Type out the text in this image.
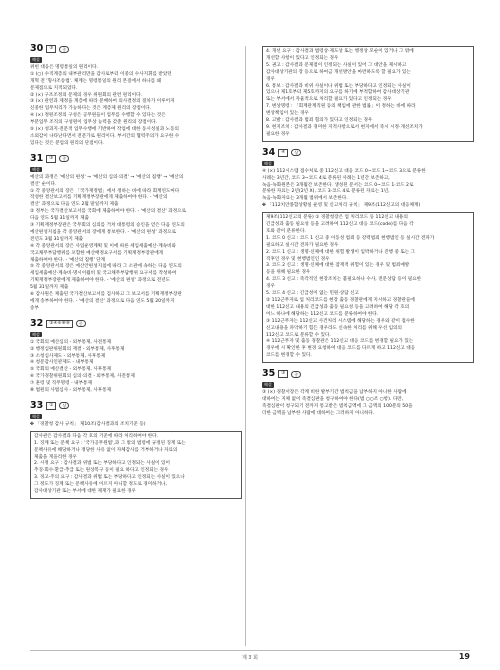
30	③	중
해설
위헌 대응은 명령통일의 원리이다.
① (○) 수직계층의 내부관리만을 감사로부터 이중의 수사지휘를 받았던
개혁 전 '형사조송법'. 체계는 명령통일의 원리 본질에서 하나를 왜
문제점으로 지적되었다.
② (×) 구조조정의 문제의 경우 위원회의 관련 원리이다.
③ (×) 관련과 제정을 계층에 따라 분배하여 의사결정의 절차가 이루어져
신중한 업무처리가 가능하다는 것은 계층제 원리의 장점이다.
④ (×) 정원조정의 구성은 공무원들이 업무를 수행할 수 있다는 것은
부분업무 조직의 구성원이 업무상 능력을 갖춘 원리의 장점이다.
⑤ (×) 성과지·전문적 업무수행에 기반하여 작업에 대한 동시성실과 노동의
소외감이 나타난다면서 전문가로 원리이다. 부서간의 협력주의가 요구한 수
있다는 것은 분업의 원리의 단점이다.
31	③	중
해설
예산의 과정은 '예산의 편성' → '예산의 심의·의결' → '예산의 집행' → '예산의
결산' 순이다.
① 각 중앙관서의 장은 「국가재정법」에서 정하는 바에 따라 회계연도마다
작성한 결산보고서를 기획재정부장관에게 제출하여야 한다. - '예산의
결산' 과정으로 다음 연도 2월 말일까지 제출
② 정부는 국가결산보고서를 국회에 제출하여야 한다. - '예산의 결산' 과정으로
다음 연도 5월 31일까지 제출
③ 기획재정부장관은 국무회의 심의를 거쳐 대통령의 승인을 얻은 다음 연도의
예산편성지침을 각 중앙관서의 장에게 통보한다. - '예산의 편성' 과정으로
전년도 3월 31일까지 제출
④ 각 중앙관서의 장은 사업운영계획 및 이에 따른 세입세출예산·계속비와
국고채무부담행위를 포함한 예산배정요구서를 기획재정부장관에게
제출하여야 한다. - '예산의 집행' 단계
⑤ 각 중앙관서의 장은 예산안편성지침에 따라 그 소관에 속하는 다음 연도의
세입세출예산·계속비·명시이월비 및 국고채무부담행위 요구서를 작성하여
기획재정부장관에게 제출하여야 한다. - '예산의 편성' 과정으로 전년도
5월 31일까지 제출
⑥ 감사원은 제출된 국가결산보고서를 검사하고 그 보고서를 기획재정부장관
에게 송부하여야 한다. - '예산의 결산' 과정으로 다음 연도 5월 20일까지
송부
32	②④⑥⑧⑨	중
해설
① 국회의 예산심의 - 외부통제, 사전통제
② 행정심판위원회의 재결 - 외부통제, 사후통제
③ 소청심사제도 - 외부통제, 사후통제
④ 청문감사인관제도 - 내부통제
⑤ 국회의 예산결산 - 외부통제, 사후통제
⑥ 국가경찰위원회의 심의·의결 - 외부통제, 사전통제
⑦ 훈령 및 직무명령 - 내부통제
⑧ 법원의 사법심사 - 외부통제, 사후통제
33	①	상
해설
✤ 「경찰청 감사 규칙」 제10조(감사결과의 조치기준 등)
감사관은 감사결과 다음 각 호의 기준에 따라 처리하여야 한다.
1. 징계 또는 문책 요구 : '국가공무원법',과 그 밖의 법령에 규정된 징계 또는
문책사유에 해당하거나 정당한 사유 없이 자체감사를 거부하거나 자료의
제출을 게을리한 경우
2. 시정 요구 : 감사결과 위법 또는 부당하다고 인정되는 사실이 있어
추징·회수·환급·추급 또는 원상복구 등이 필요 하다고 인정되는 경우
3. 경고·주의 요구 : 감사결과 위법 또는 부당하다고 인정되는 사실이 있으나
그 정도가 징계 또는 문책사유에 이르지 아니할 정도로 경미하거나,
감사대상기관 또는 부서에 대한 제재가 필요한 경우
4. 개선 요구 : 감사결과 법령상·제도상 또는 행정상 모순이 있거나 그 밖에
개선할 사항이 있다고 인정되는 경우
5. 권고 : 감사결과 문제점이 인정되는 사실이 있어 그 대안을 제시하고
감사대상기관의 장 등으로 하여금 개선방안을 마련하도록 할 필요가 있는
경우
6. 통보 : 감사결과 비위 사실이나 위법 또는 부당하다고 인정되는 사실이
있으나 제1호부터 제5호까지의 요구를 하기에 부적합하여 감사대상기관
또는 부서에서 자율적으로 처리할 필요가 있다고 인정되는 경우
7. 변상명령 : 「회계관계직원 등의 책임에 관한 법률」이 정하는 바에 따라
변상책임이 있는 경우
8. 고발 : 감사결과 범죄 혐의가 있다고 인정되는 경우
9. 현지조치 : 감사결과 경미한 지적사항으로서 현지에서 즉시 시정·개선조치가
필요한 경우
34	④	상
해설
④ (×) 112시스템 접수처로 중 112신고 대응 코드 0~코드 1~코드 3으로 분류한
사례는 3년간, 코드 3~코드 4로 분류된 사례는 1년간 보존하고,
녹음·녹화원본은 3개월간 보존한다. 생성된 문서는 코드 0~코드 1·코드 2로
분류한 자료는 2년(2년 X), 코드 3·코드 4로 분류된 자료는 1년,
녹음·녹화자료는 3개월 범위에서 보존한다.
✤ 「112치안종합상황실 운영 및 신고처리 규칙」 제9조(112신고의 대응체계)
제9조(112신고의 분류) ① 경찰청장은 업 처리코드 등 112신고 내용의
긴급성과 출동 필요성 등을 고려하여 112신고 대응 코드(code)를 다음 각
호와 같이 분류한다.
1. 코드 0 신고 : 코드 1 신고 중 이동성 범죄 등 강력범죄 현행범인 등 실시간 전파가
필요하고 실시간 전파가 필요한 경우
2. 코드 1 신고 : 생명·신체에 대한 위험 발생이 임박하거나 진행 중 또는 그
직후인 경우 및 현행범인인 경우
3. 코드 2 신고 : 생명·신체에 대한 잠재적 위험이 있는 경우 및 범죄예방
등을 위해 필요한 경우
4. 코드 3 신고 : 즉각적인 현장조치는 불필요하나 수사, 전문상담 등이 필요한
경우
5. 코드 4 신고 : 긴급성이 없는 민원·상담 신고
② 112근무자로 업 처리코드를 현장 출동 경찰관에게 지시하고 경찰관들에
대한 112신고 내용의 긴급성과 출동 필요성 등을 고려하여 해당 각 호의
어느 하나에 해당하는 112신고 코드를 분류하여야 한다.
③ 112근무자는 112신고 사건처리 시스템에 해당하는 경우와 같이 접수한
신고내용을 파악하기 힘든 경우라도 신속한 처리를 위해 우선 임의의
112신고 코드로 분류할 수 있다.
④ 112근무자 및 출동 경찰관은 112신고 대응 코드를 변경할 필요가 있는
경우에 시 확인한 후 변경 요청하여 대응 코드를 다르게 하고 112신고 대응
코드를 변경할 수 있다.
35	③	중
해설
③ (×) 경찰서장은 각계 비한 발부기간 법칙금을 납부하지 아니한 사람에
대하여는 지체 없이 즉결심판을 청구하여야 한다(법 ○○조 ○항). 다만,
즉결심판이 청구되기 전까지 통고받은 범칙금액에 그 금액의 100분의 50을
더한 금액을 납부한 사람에 대하여는 그러하지 아니하다.
제 3 회	19
